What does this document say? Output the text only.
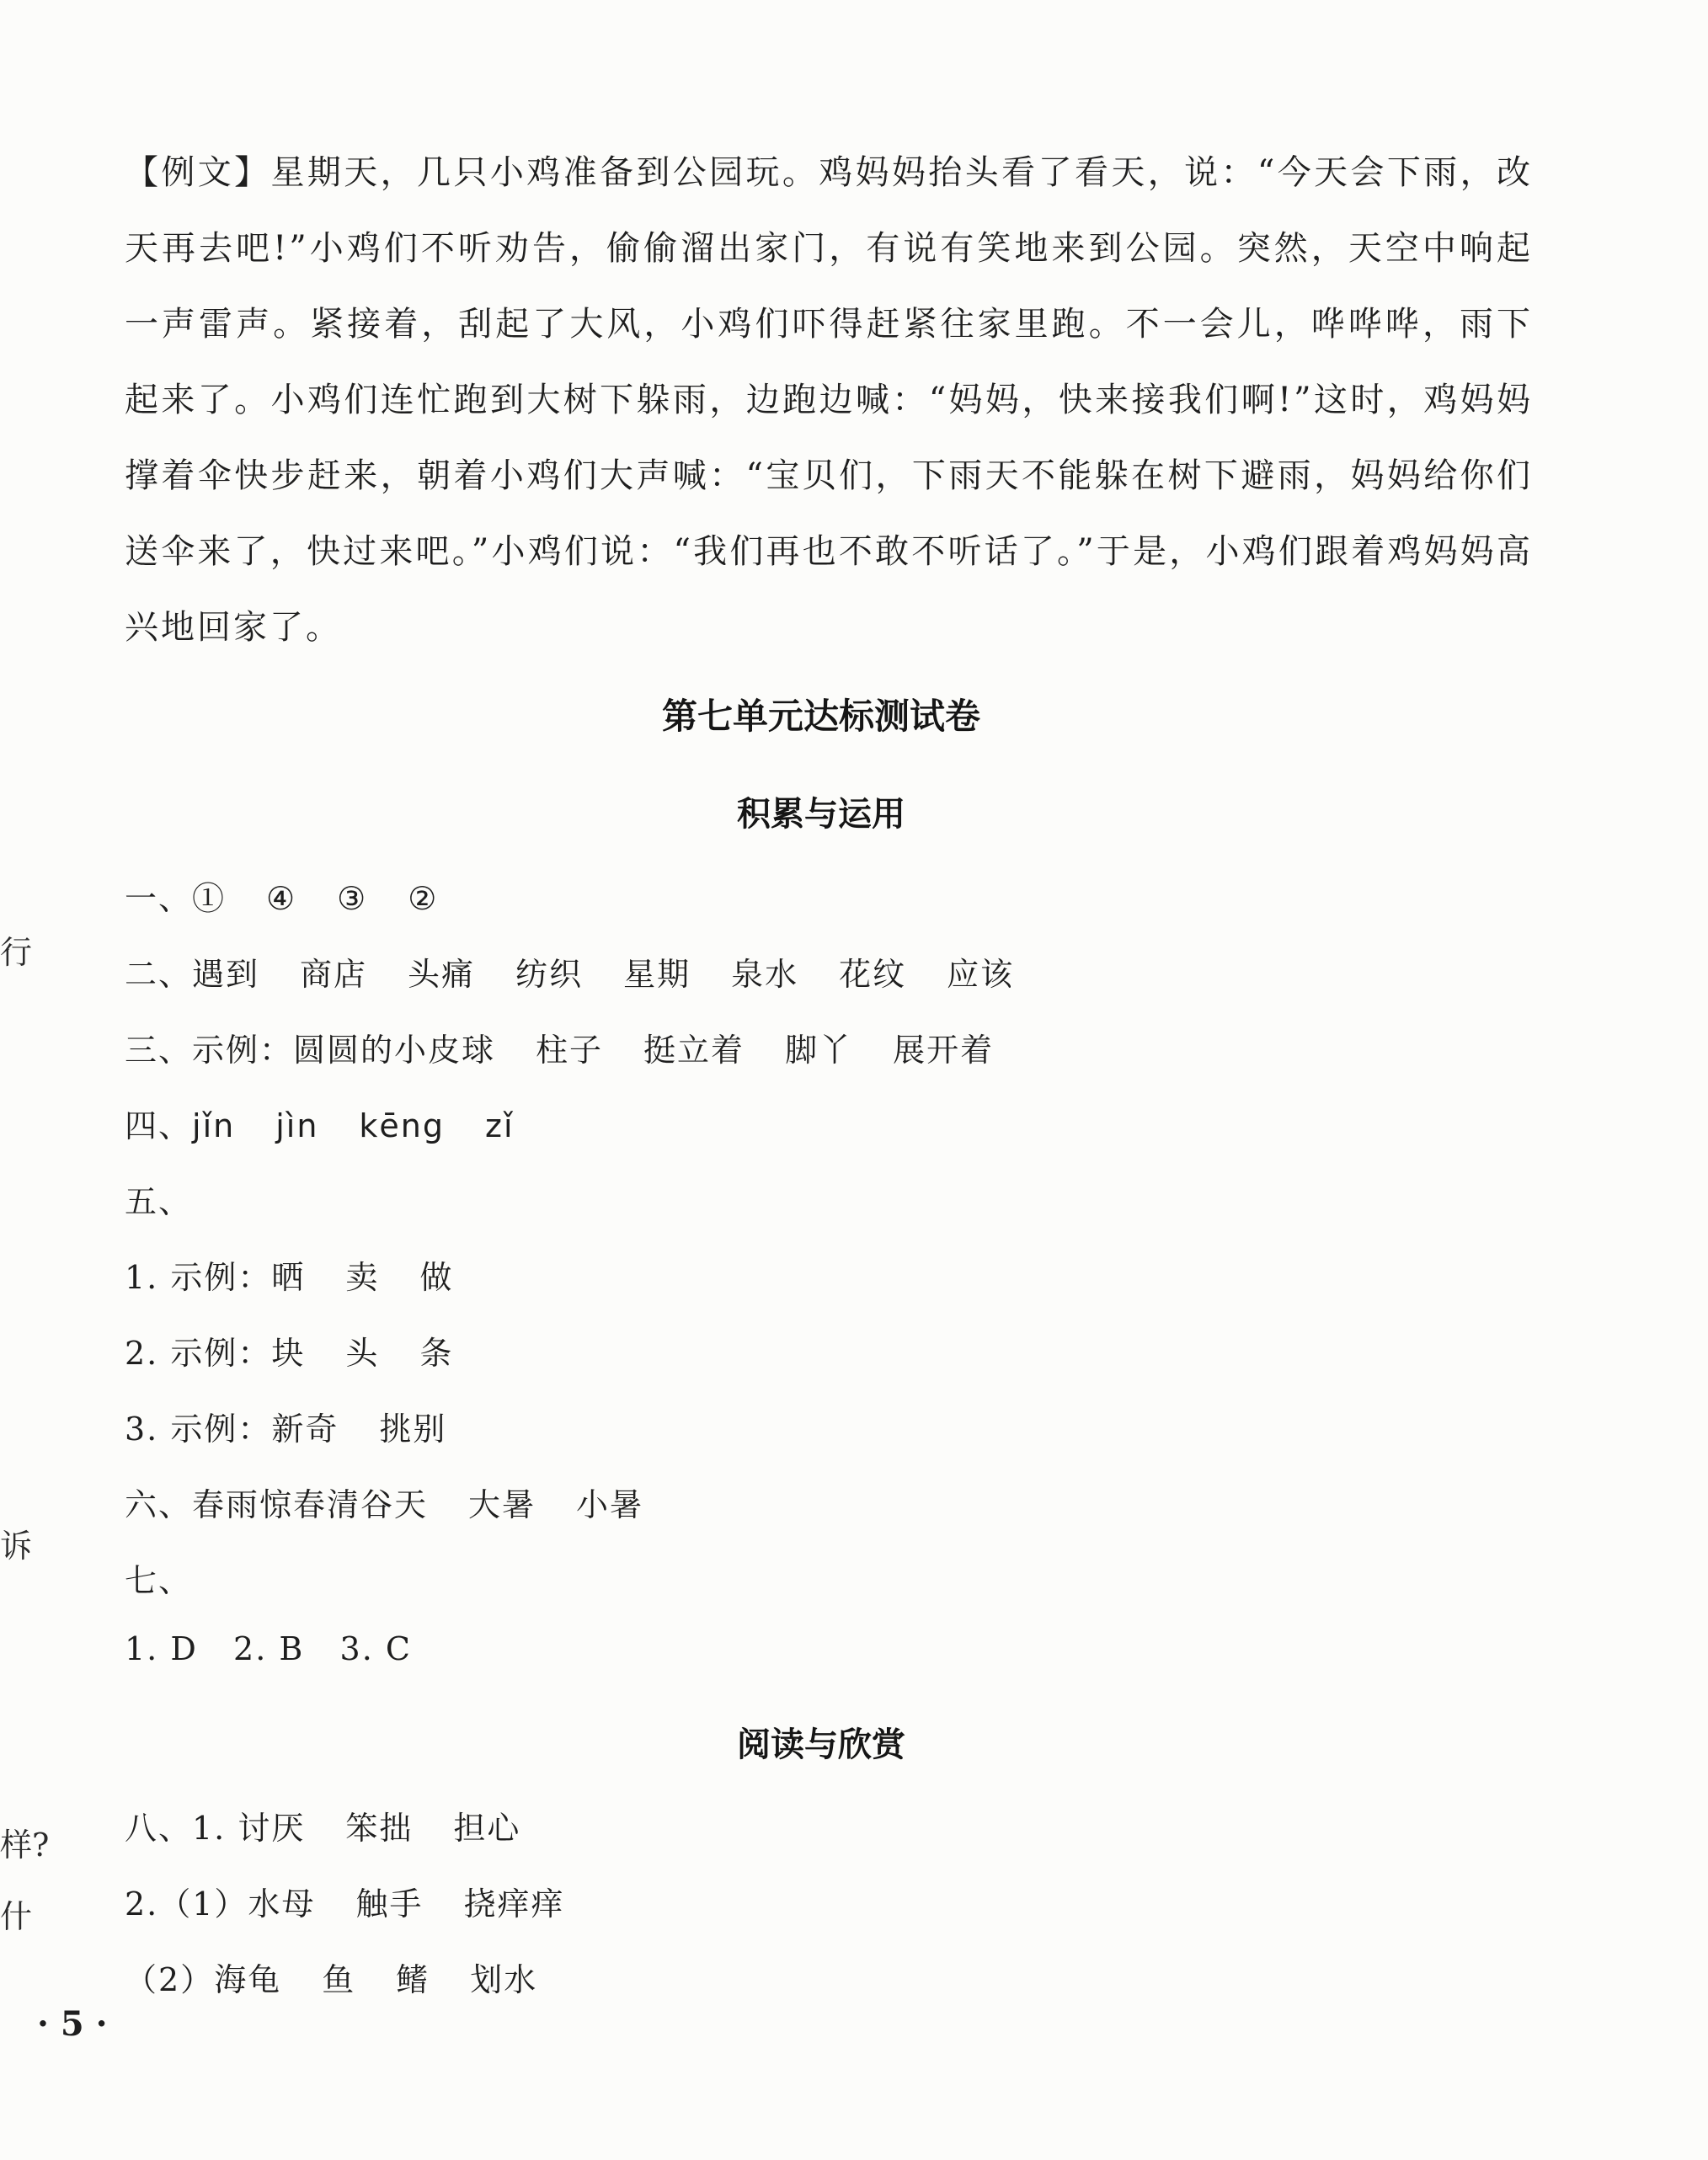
行
诉
样?
什

【例文】星期天，几只小鸡准备到公园玩。鸡妈妈抬头看了看天，说：“今天会下雨，改天再去吧!”小鸡们不听劝告，偷偷溜出家门，有说有笑地来到公园。突然，天空中响起一声雷声。紧接着，刮起了大风，小鸡们吓得赶紧往家里跑。不一会儿，哗哗哗，雨下起来了。小鸡们连忙跑到大树下躲雨，边跑边喊：“妈妈，快来接我们啊!”这时，鸡妈妈撑着伞快步赶来，朝着小鸡们大声喊：“宝贝们，下雨天不能躲在树下避雨，妈妈给你们送伞来了，快过来吧。”小鸡们说：“我们再也不敢不听话了。”于是，小鸡们跟着鸡妈妈高兴地回家了。

第七单元达标测试卷
积累与运用
一、① ④ ③ ②
二、遇到 商店 头痛 纺织 星期 泉水 花纹 应该
三、示例：圆圆的小皮球 柱子 挺立着 脚丫 展开着
四、jǐn jìn kēng zǐ
五、
1. 示例：晒 卖 做
2. 示例：块 头 条
3. 示例：新奇 挑别
六、春雨惊春清谷天 大暑 小暑
七、
1. D   2. B   3. C
阅读与欣赏
八、1. 讨厌 笨拙 担心
2.（1）水母 触手 挠痒痒
（2）海龟 鱼 鳍 划水
· 5 ·
